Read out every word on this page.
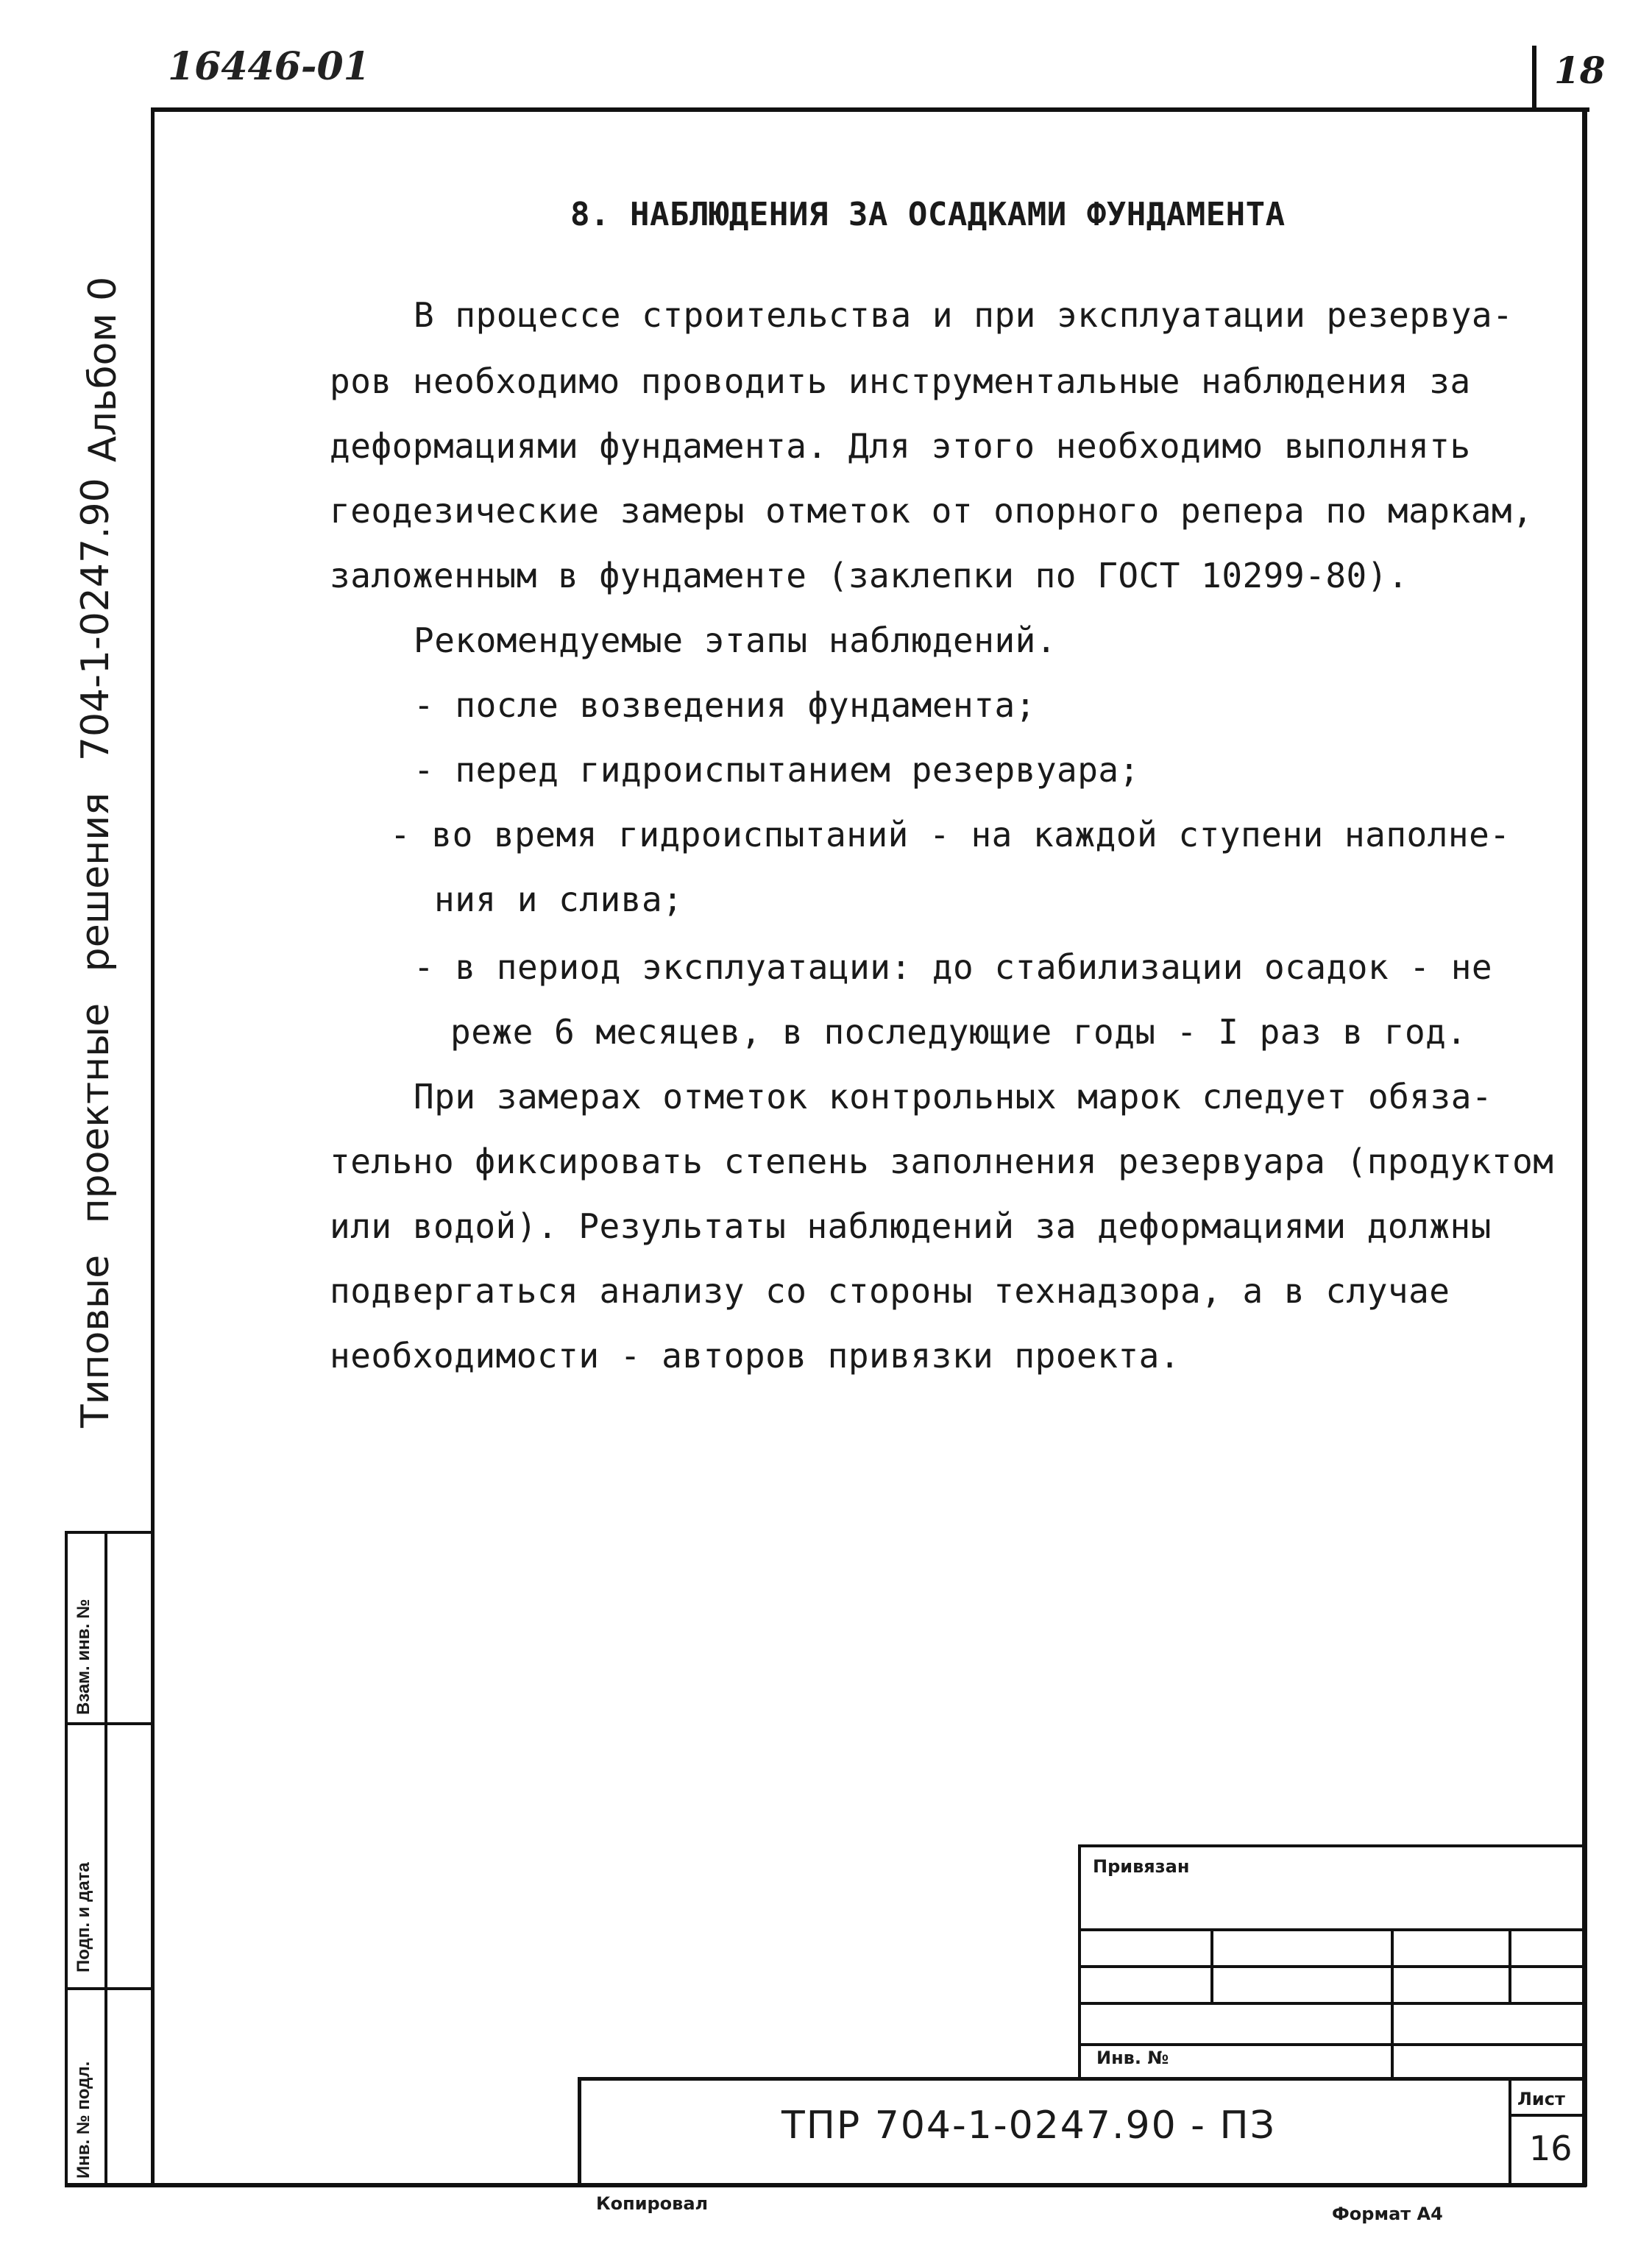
16446-01	18
Альбом 0
Типовые проектные решения 704-1-0247.90
Взам. инв. №
Подп. и дата
Инв. № подл.
8. НАБЛЮДЕНИЯ ЗА ОСАДКАМИ ФУНДАМЕНТА
В процессе строительства и при эксплуатации резервуа-
ров необходимо проводить инструментальные наблюдения за
деформациями фундамента. Для этого необходимо выполнять
геодезические замеры отметок от опорного репера по маркам,
заложенным в фундаменте (заклепки по ГОСТ 10299-80).
Рекомендуемые этапы наблюдений.
- после возведения фундамента;
- перед гидроиспытанием резервуара;
- во время гидроиспытаний - на каждой ступени наполне-
ния и слива;
- в период эксплуатации: до стабилизации осадок - не
реже 6 месяцев, в последующие годы - I раз в год.
При замерах отметок контрольных марок следует обяза-
тельно фиксировать степень заполнения резервуара (продуктом
или водой). Результаты наблюдений за деформациями должны
подвергаться анализу со стороны технадзора, а в случае
необходимости - авторов привязки проекта.
Привязан
Инв. №
ТПР 704-1-0247.90 - ПЗ
Лист
16
Копировал	Формат А4
